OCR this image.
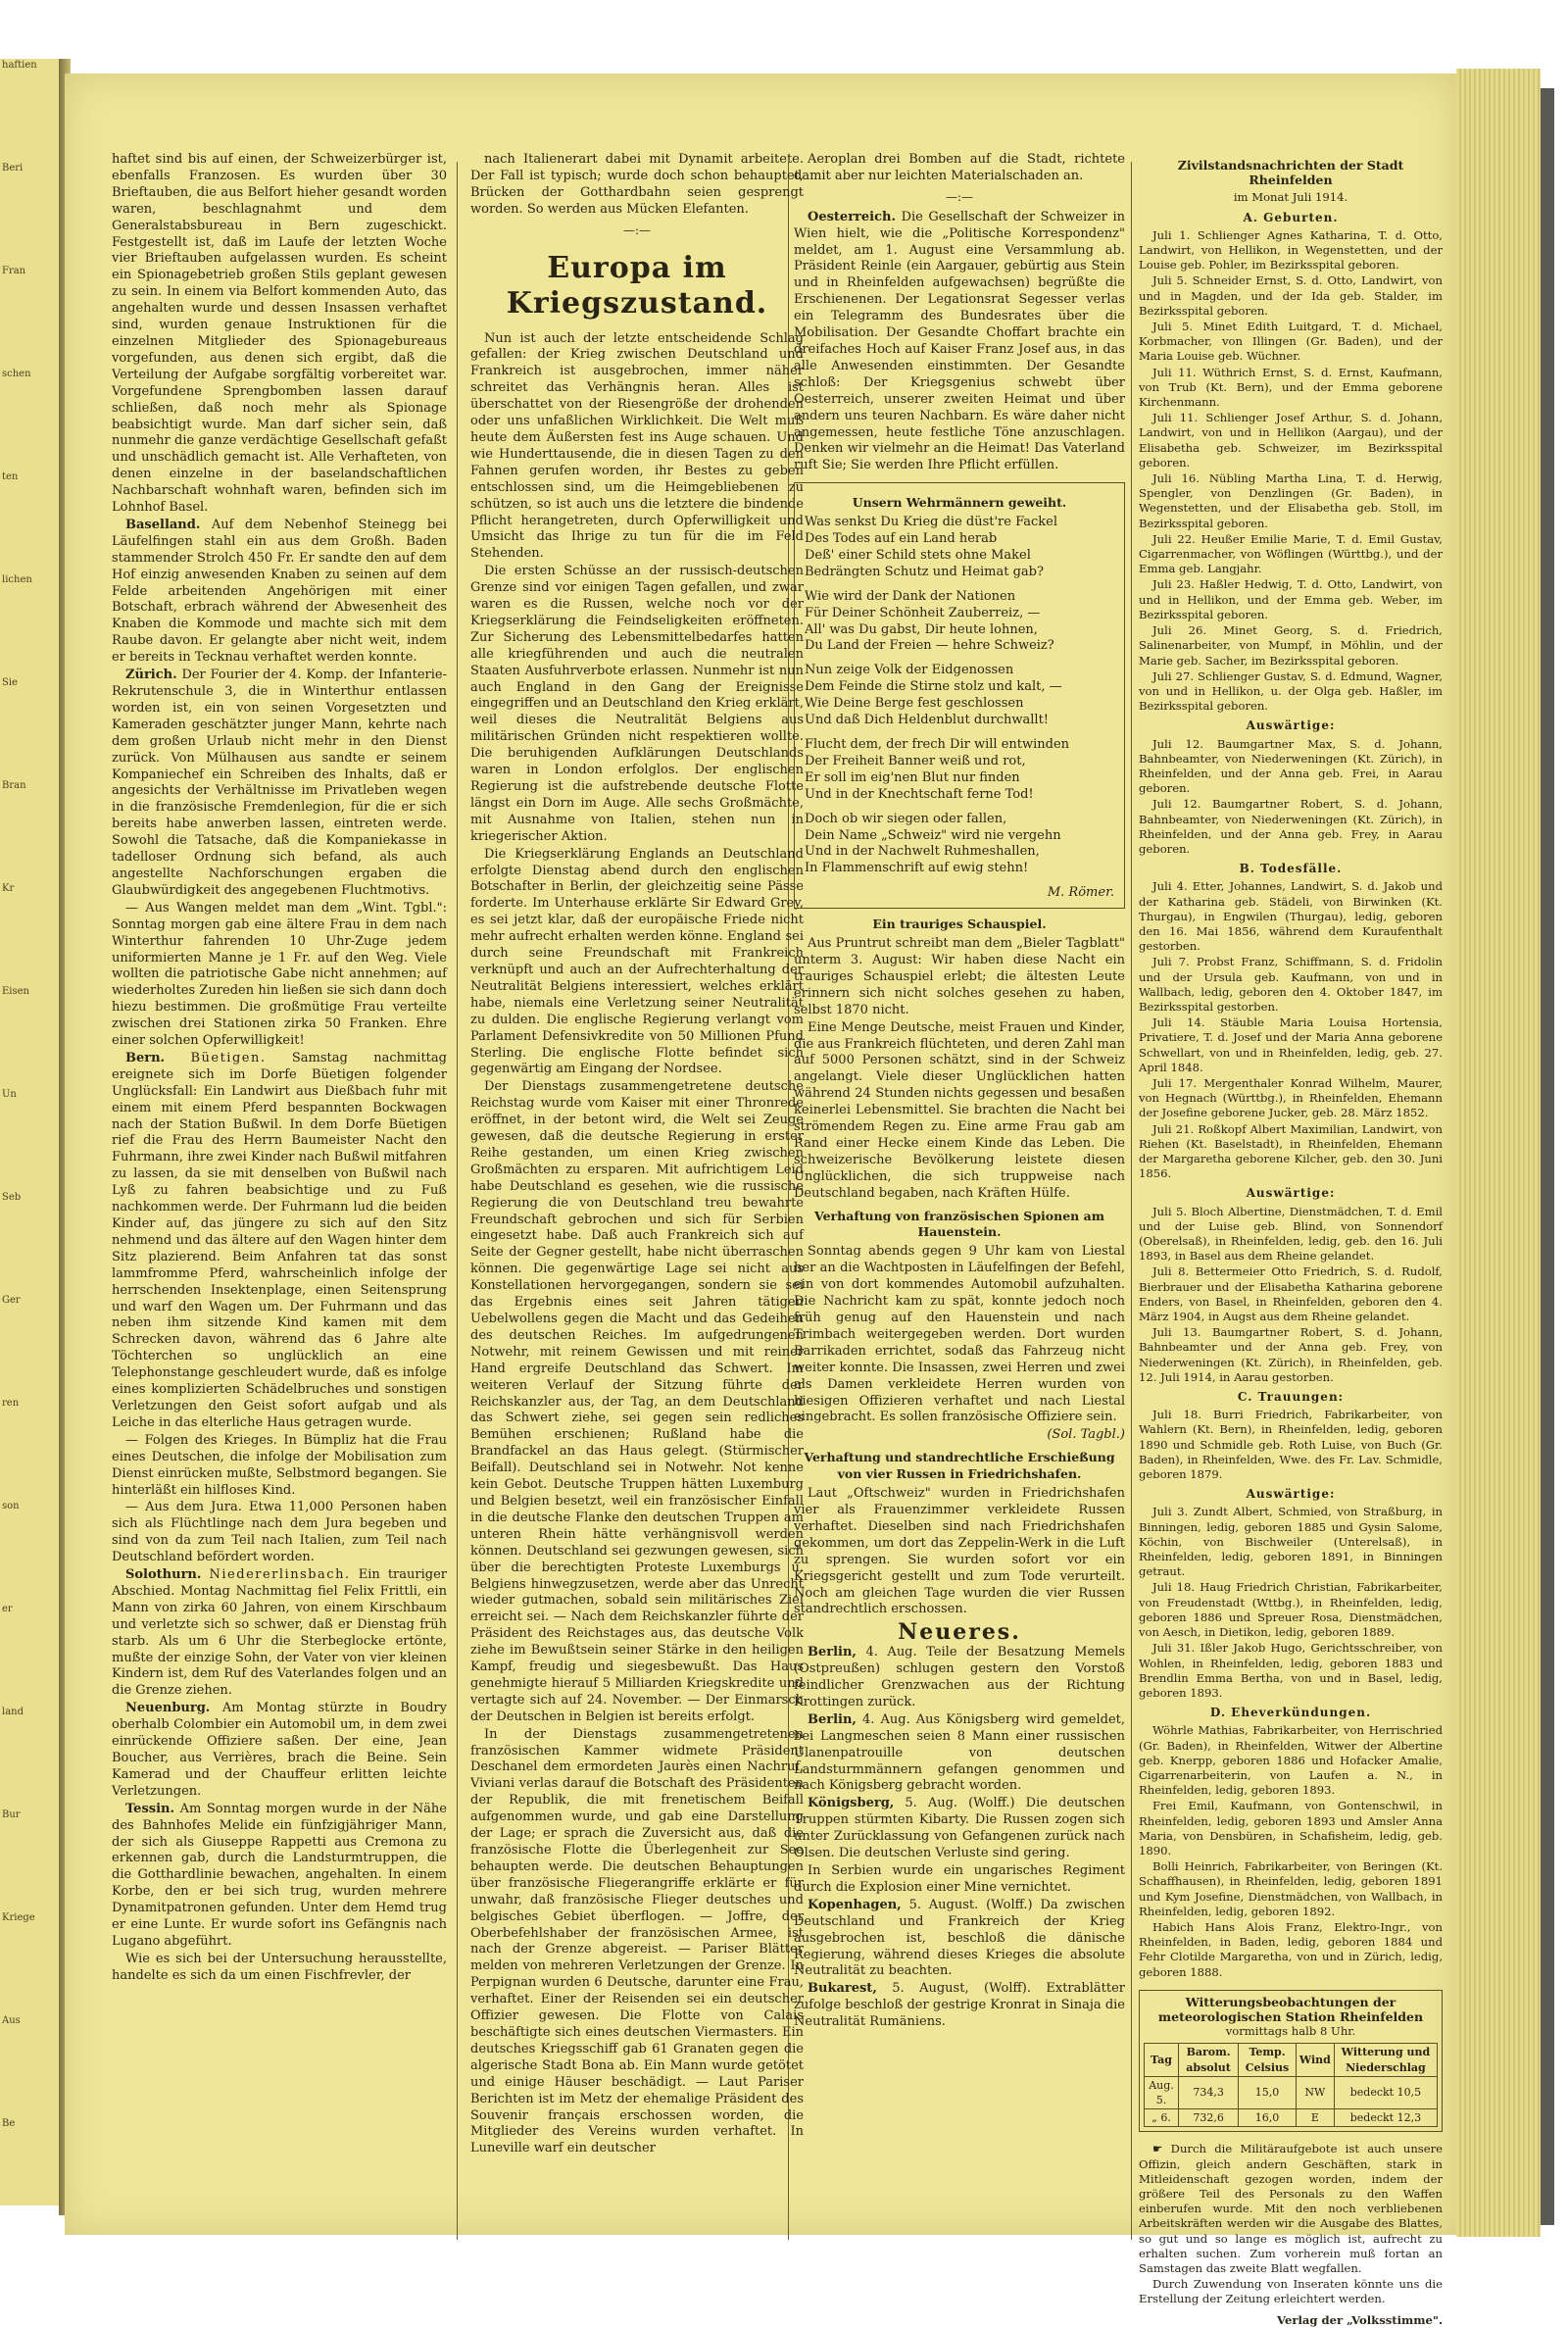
haftien
Beri
Fran
schen
ten
lichen
Sie
Bran
Kr
Eisen
Un
Seb
Ger
ren
son
er
land
Bur
Kriege
Aus
Be

haftet sind bis auf einen, der Schweizerbürger ist, ebenfalls Franzosen. Es wurden über 30 Brieftauben, die aus Belfort hieher gesandt worden waren, beschlagnahmt und dem Generalstabsbureau in Bern zugeschickt. Festgestellt ist, daß im Laufe der letzten Woche vier Brieftauben aufgelassen wurden. Es scheint ein Spionagebetrieb großen Stils geplant gewesen zu sein. In einem via Belfort kommenden Auto, das angehalten wurde und dessen Insassen verhaftet sind, wurden genaue Instruktionen für die einzelnen Mitglieder des Spionagebureaus vorgefunden, aus denen sich ergibt, daß die Verteilung der Aufgabe sorgfältig vorbereitet war. Vorgefundene Sprengbomben lassen darauf schließen, daß noch mehr als Spionage beabsichtigt wurde. Man darf sicher sein, daß nunmehr die ganze verdächtige Gesellschaft gefaßt und unschädlich gemacht ist. Alle Verhafteten, von denen einzelne in der baselandschaftlichen Nachbarschaft wohnhaft waren, befinden sich im Lohnhof Basel.

Baselland. Auf dem Nebenhof Steinegg bei Läufelfingen stahl ein aus dem Großh. Baden stammender Strolch 450 Fr. Er sandte den auf dem Hof einzig anwesenden Knaben zu seinen auf dem Felde arbeitenden Angehörigen mit einer Botschaft, erbrach während der Abwesenheit des Knaben die Kommode und machte sich mit dem Raube davon. Er gelangte aber nicht weit, indem er bereits in Tecknau verhaftet werden konnte.

Zürich. Der Fourier der 4. Komp. der Infanterie-Rekrutenschule 3, die in Winterthur entlassen worden ist, ein von seinen Vorgesetzten und Kameraden geschätzter junger Mann, kehrte nach dem großen Urlaub nicht mehr in den Dienst zurück. Von Mülhausen aus sandte er seinem Kompaniechef ein Schreiben des Inhalts, daß er angesichts der Verhältnisse im Privatleben wegen in die französische Fremdenlegion, für die er sich bereits habe anwerben lassen, eintreten werde. Sowohl die Tatsache, daß die Kompaniekasse in tadelloser Ordnung sich befand, als auch angestellte Nachforschungen ergaben die Glaubwürdigkeit des angegebenen Fluchtmotivs.

— Aus Wangen meldet man dem „Wint. Tgbl.": Sonntag morgen gab eine ältere Frau in dem nach Winterthur fahrenden 10 Uhr-Zuge jedem uniformierten Manne je 1 Fr. auf den Weg. Viele wollten die patriotische Gabe nicht annehmen; auf wiederholtes Zureden hin ließen sie sich dann doch hiezu bestimmen. Die großmütige Frau verteilte zwischen drei Stationen zirka 50 Franken. Ehre einer solchen Opferwilligkeit!

Bern. Büetigen. Samstag nachmittag ereignete sich im Dorfe Büetigen folgender Unglücksfall: Ein Landwirt aus Dießbach fuhr mit einem mit einem Pferd bespannten Bockwagen nach der Station Bußwil. In dem Dorfe Büetigen rief die Frau des Herrn Baumeister Nacht den Fuhrmann, ihre zwei Kinder nach Bußwil mitfahren zu lassen, da sie mit denselben von Bußwil nach Lyß zu fahren beabsichtige und zu Fuß nachkommen werde. Der Fuhrmann lud die beiden Kinder auf, das jüngere zu sich auf den Sitz nehmend und das ältere auf den Wagen hinter dem Sitz plazierend. Beim Anfahren tat das sonst lammfromme Pferd, wahrscheinlich infolge der herrschenden Insektenplage, einen Seitensprung und warf den Wagen um. Der Fuhrmann und das neben ihm sitzende Kind kamen mit dem Schrecken davon, während das 6 Jahre alte Töchterchen so unglücklich an eine Telephonstange geschleudert wurde, daß es infolge eines komplizierten Schädelbruches und sonstigen Verletzungen den Geist sofort aufgab und als Leiche in das elterliche Haus getragen wurde.

— Folgen des Krieges. In Bümpliz hat die Frau eines Deutschen, die infolge der Mobilisation zum Dienst einrücken mußte, Selbstmord begangen. Sie hinterläßt ein hilfloses Kind.

— Aus dem Jura. Etwa 11,000 Personen haben sich als Flüchtlinge nach dem Jura begeben und sind von da zum Teil nach Italien, zum Teil nach Deutschland befördert worden.

Solothurn. Niedererlinsbach. Ein trauriger Abschied. Montag Nachmittag fiel Felix Frittli, ein Mann von zirka 60 Jahren, von einem Kirschbaum und verletzte sich so schwer, daß er Dienstag früh starb. Als um 6 Uhr die Sterbeglocke ertönte, mußte der einzige Sohn, der Vater von vier kleinen Kindern ist, dem Ruf des Vaterlandes folgen und an die Grenze ziehen.

Neuenburg. Am Montag stürzte in Boudry oberhalb Colombier ein Automobil um, in dem zwei einrückende Offiziere saßen. Der eine, Jean Boucher, aus Verrières, brach die Beine. Sein Kamerad und der Chauffeur erlitten leichte Verletzungen.

Tessin. Am Sonntag morgen wurde in der Nähe des Bahnhofes Melide ein fünfzigjähriger Mann, der sich als Giuseppe Rappetti aus Cremona zu erkennen gab, durch die Landsturmtruppen, die die Gotthardlinie bewachen, angehalten. In einem Korbe, den er bei sich trug, wurden mehrere Dynamitpatronen gefunden. Unter dem Hemd trug er eine Lunte. Er wurde sofort ins Gefängnis nach Lugano abgeführt.

Wie es sich bei der Untersuchung herausstellte, handelte es sich da um einen Fischfrevler, der

nach Italienerart dabei mit Dynamit arbeitete. Der Fall ist typisch; wurde doch schon behauptet, Brücken der Gotthardbahn seien gesprengt worden. So werden aus Mücken Elefanten.

—:—
Europa im Kriegszustand.

Nun ist auch der letzte entscheidende Schlag gefallen: der Krieg zwischen Deutschland und Frankreich ist ausgebrochen, immer näher schreitet das Verhängnis heran. Alles ist überschattet von der Riesengröße der drohenden oder uns unfaßlichen Wirklichkeit. Die Welt muß heute dem Äußersten fest ins Auge schauen. Und wie Hunderttausende, die in diesen Tagen zu den Fahnen gerufen worden, ihr Bestes zu geben entschlossen sind, um die Heimgebliebenen zu schützen, so ist auch uns die letztere die bindende Pflicht herangetreten, durch Opferwilligkeit und Umsicht das Ihrige zu tun für die im Feld Stehenden.

Die ersten Schüsse an der russisch-deutschen Grenze sind vor einigen Tagen gefallen, und zwar waren es die Russen, welche noch vor der Kriegserklärung die Feindseligkeiten eröffneten. Zur Sicherung des Lebensmittelbedarfes hatten alle kriegführenden und auch die neutralen Staaten Ausfuhrverbote erlassen. Nunmehr ist nun auch England in den Gang der Ereignisse eingegriffen und an Deutschland den Krieg erklärt, weil dieses die Neutralität Belgiens aus militärischen Gründen nicht respektieren wollte. Die beruhigenden Aufklärungen Deutschlands waren in London erfolglos. Der englischen Regierung ist die aufstrebende deutsche Flotte längst ein Dorn im Auge. Alle sechs Großmächte, mit Ausnahme von Italien, stehen nun in kriegerischer Aktion.

Die Kriegserklärung Englands an Deutschland erfolgte Dienstag abend durch den englischen Botschafter in Berlin, der gleichzeitig seine Pässe forderte. Im Unterhause erklärte Sir Edward Grey, es sei jetzt klar, daß der europäische Friede nicht mehr aufrecht erhalten werden könne. England sei durch seine Freundschaft mit Frankreich verknüpft und auch an der Aufrechterhaltung der Neutralität Belgiens interessiert, welches erklärt habe, niemals eine Verletzung seiner Neutralität zu dulden. Die englische Regierung verlangt vom Parlament Defensivkredite von 50 Millionen Pfund Sterling. Die englische Flotte befindet sich gegenwärtig am Eingang der Nordsee.

Der Dienstags zusammengetretene deutsche Reichstag wurde vom Kaiser mit einer Thronrede eröffnet, in der betont wird, die Welt sei Zeuge gewesen, daß die deutsche Regierung in erster Reihe gestanden, um einen Krieg zwischen Großmächten zu ersparen. Mit aufrichtigem Leid habe Deutschland es gesehen, wie die russische Regierung die von Deutschland treu bewahrte Freundschaft gebrochen und sich für Serbien eingesetzt habe. Daß auch Frankreich sich auf Seite der Gegner gestellt, habe nicht überraschen können. Die gegenwärtige Lage sei nicht aus Konstellationen hervorgegangen, sondern sie sei das Ergebnis eines seit Jahren tätigen Uebelwollens gegen die Macht und das Gedeihen des deutschen Reiches. Im aufgedrungenen Notwehr, mit reinem Gewissen und mit reiner Hand ergreife Deutschland das Schwert. Im weiteren Verlauf der Sitzung führte der Reichskanzler aus, der Tag, an dem Deutschland das Schwert ziehe, sei gegen sein redliches Bemühen erschienen; Rußland habe die Brandfackel an das Haus gelegt. (Stürmischer Beifall). Deutschland sei in Notwehr. Not kenne kein Gebot. Deutsche Truppen hätten Luxemburg und Belgien besetzt, weil ein französischer Einfall in die deutsche Flanke den deutschen Truppen am unteren Rhein hätte verhängnisvoll werden können. Deutschland sei gezwungen gewesen, sich über die berechtigten Proteste Luxemburgs u. Belgiens hinwegzusetzen, werde aber das Unrecht wieder gutmachen, sobald sein militärisches Ziel erreicht sei. — Nach dem Reichskanzler führte der Präsident des Reichstages aus, das deutsche Volk ziehe im Bewußtsein seiner Stärke in den heiligen Kampf, freudig und siegesbewußt. Das Haus genehmigte hierauf 5 Milliarden Kriegskredite und vertagte sich auf 24. November. — Der Einmarsch der Deutschen in Belgien ist bereits erfolgt.

In der Dienstags zusammengetretenen französischen Kammer widmete Präsident Deschanel dem ermordeten Jaurès einen Nachruf, Viviani verlas darauf die Botschaft des Präsidenten der Republik, die mit frenetischem Beifall aufgenommen wurde, und gab eine Darstellung der Lage; er sprach die Zuversicht aus, daß die französische Flotte die Überlegenheit zur See behaupten werde. Die deutschen Behauptungen über französische Fliegerangriffe erklärte er für unwahr, daß französische Flieger deutsches und belgisches Gebiet überflogen. — Joffre, der Oberbefehlshaber der französischen Armee, ist nach der Grenze abgereist. — Pariser Blätter melden von mehreren Verletzungen der Grenze. In Perpignan wurden 6 Deutsche, darunter eine Frau, verhaftet. Einer der Reisenden sei ein deutscher Offizier gewesen. Die Flotte von Calais beschäftigte sich eines deutschen Viermasters. Ein deutsches Kriegsschiff gab 61 Granaten gegen die algerische Stadt Bona ab. Ein Mann wurde getötet und einige Häuser beschädigt. — Laut Pariser Berichten ist im Metz der ehemalige Präsident des Souvenir français erschossen worden, die Mitglieder des Vereins wurden verhaftet. In Luneville warf ein deutscher

Aeroplan drei Bomben auf die Stadt, richtete damit aber nur leichten Materialschaden an.

—:—

Oesterreich. Die Gesellschaft der Schweizer in Wien hielt, wie die „Politische Korrespondenz" meldet, am 1. August eine Versammlung ab. Präsident Reinle (ein Aargauer, gebürtig aus Stein und in Rheinfelden aufgewachsen) begrüßte die Erschienenen. Der Legationsrat Segesser verlas ein Telegramm des Bundesrates über die Mobilisation. Der Gesandte Choffart brachte ein dreifaches Hoch auf Kaiser Franz Josef aus, in das alle Anwesenden einstimmten. Der Gesandte schloß: Der Kriegsgenius schwebt über Oesterreich, unserer zweiten Heimat und über andern uns teuren Nachbarn. Es wäre daher nicht angemessen, heute festliche Töne anzuschlagen. Denken wir vielmehr an die Heimat! Das Vaterland ruft Sie; Sie werden Ihre Pflicht erfüllen.

Unsern Wehrmännern geweiht.

Was senkst Du Krieg die düst're Fackel

Des Todes auf ein Land herab

Deß' einer Schild stets ohne Makel

Bedrängten Schutz und Heimat gab?

Wie wird der Dank der Nationen

Für Deiner Schönheit Zauberreiz, —

All' was Du gabst, Dir heute lohnen,

Du Land der Freien — hehre Schweiz?

Nun zeige Volk der Eidgenossen

Dem Feinde die Stirne stolz und kalt, —

Wie Deine Berge fest geschlossen

Und daß Dich Heldenblut durchwallt!

Flucht dem, der frech Dir will entwinden

Der Freiheit Banner weiß und rot,

Er soll im eig'nen Blut nur finden

Und in der Knechtschaft ferne Tod!

Doch ob wir siegen oder fallen,

Dein Name „Schweiz" wird nie vergehn

Und in der Nachwelt Ruhmeshallen,

In Flammenschrift auf ewig stehn!

M. Römer.
Ein trauriges Schauspiel.

Aus Pruntrut schreibt man dem „Bieler Tagblatt" unterm 3. August: Wir haben diese Nacht ein trauriges Schauspiel erlebt; die ältesten Leute erinnern sich nicht solches gesehen zu haben, selbst 1870 nicht.

Eine Menge Deutsche, meist Frauen und Kinder, die aus Frankreich flüchteten, und deren Zahl man auf 5000 Personen schätzt, sind in der Schweiz angelangt. Viele dieser Unglücklichen hatten während 24 Stunden nichts gegessen und besaßen keinerlei Lebensmittel. Sie brachten die Nacht bei strömendem Regen zu. Eine arme Frau gab am Rand einer Hecke einem Kinde das Leben. Die schweizerische Bevölkerung leistete diesen Unglücklichen, die sich truppweise nach Deutschland begaben, nach Kräften Hülfe.

Verhaftung von französischen Spionen am Hauenstein.

Sonntag abends gegen 9 Uhr kam von Liestal her an die Wachtposten in Läufelfingen der Befehl, ein von dort kommendes Automobil aufzuhalten. Die Nachricht kam zu spät, konnte jedoch noch früh genug auf den Hauenstein und nach Trimbach weitergegeben werden. Dort wurden Barrikaden errichtet, sodaß das Fahrzeug nicht weiter konnte. Die Insassen, zwei Herren und zwei als Damen verkleidete Herren wurden von hiesigen Offizieren verhaftet und nach Liestal eingebracht. Es sollen französische Offiziere sein.

(Sol. Tagbl.)
Verhaftung und standrechtliche Erschießung von vier Russen in Friedrichshafen.

Laut „Oftschweiz" wurden in Friedrichshafen vier als Frauenzimmer verkleidete Russen verhaftet. Dieselben sind nach Friedrichshafen gekommen, um dort das Zeppelin-Werk in die Luft zu sprengen. Sie wurden sofort vor ein Kriegsgericht gestellt und zum Tode verurteilt. Noch am gleichen Tage wurden die vier Russen standrechtlich erschossen.

Neueres.

Berlin, 4. Aug. Teile der Besatzung Memels (Ostpreußen) schlugen gestern den Vorstoß feindlicher Grenzwachen aus der Richtung Krottingen zurück.

Berlin, 4. Aug. Aus Königsberg wird gemeldet, bei Langmeschen seien 8 Mann einer russischen Ulanenpatrouille von deutschen Landsturmmännern gefangen genommen und nach Königsberg gebracht worden.

Königsberg, 5. Aug. (Wolff.) Die deutschen Truppen stürmten Kibarty. Die Russen zogen sich unter Zurücklassung von Gefangenen zurück nach Olsen. Die deutschen Verluste sind gering.

In Serbien wurde ein ungarisches Regiment durch die Explosion einer Mine vernichtet.

Kopenhagen, 5. August. (Wolff.) Da zwischen Deutschland und Frankreich der Krieg ausgebrochen ist, beschloß die dänische Regierung, während dieses Krieges die absolute Neutralität zu beachten.

Bukarest, 5. August, (Wolff). Extrablätter zufolge beschloß der gestrige Kronrat in Sinaja die Neutralität Rumäniens.

Zivilstandsnachrichten der Stadt Rheinfelden
im Monat Juli 1914.
A. Geburten.

Juli 1. Schlienger Agnes Katharina, T. d. Otto, Landwirt, von Hellikon, in Wegenstetten, und der Louise geb. Pohler, im Bezirksspital geboren.

Juli 5. Schneider Ernst, S. d. Otto, Landwirt, von und in Magden, und der Ida geb. Stalder, im Bezirksspital geboren.

Juli 5. Minet Edith Luitgard, T. d. Michael, Korbmacher, von Illingen (Gr. Baden), und der Maria Louise geb. Wüchner.

Juli 11. Wüthrich Ernst, S. d. Ernst, Kaufmann, von Trub (Kt. Bern), und der Emma geborene Kirchenmann.

Juli 11. Schlienger Josef Arthur, S. d. Johann, Landwirt, von und in Hellikon (Aargau), und der Elisabetha geb. Schweizer, im Bezirksspital geboren.

Juli 16. Nübling Martha Lina, T. d. Herwig, Spengler, von Denzlingen (Gr. Baden), in Wegenstetten, und der Elisabetha geb. Stoll, im Bezirksspital geboren.

Juli 22. Heußer Emilie Marie, T. d. Emil Gustav, Cigarrenmacher, von Wöflingen (Württbg.), und der Emma geb. Langjahr.

Juli 23. Haßler Hedwig, T. d. Otto, Landwirt, von und in Hellikon, und der Emma geb. Weber, im Bezirksspital geboren.

Juli 26. Minet Georg, S. d. Friedrich, Salinenarbeiter, von Mumpf, in Möhlin, und der Marie geb. Sacher, im Bezirksspital geboren.

Juli 27. Schlienger Gustav, S. d. Edmund, Wagner, von und in Hellikon, u. der Olga geb. Haßler, im Bezirksspital geboren.

Auswärtige:

Juli 12. Baumgartner Max, S. d. Johann, Bahnbeamter, von Niederweningen (Kt. Zürich), in Rheinfelden, und der Anna geb. Frei, in Aarau geboren.

Juli 12. Baumgartner Robert, S. d. Johann, Bahnbeamter, von Niederweningen (Kt. Zürich), in Rheinfelden, und der Anna geb. Frey, in Aarau geboren.

B. Todesfälle.

Juli 4. Etter, Johannes, Landwirt, S. d. Jakob und der Katharina geb. Städeli, von Birwinken (Kt. Thurgau), in Engwilen (Thurgau), ledig, geboren den 16. Mai 1856, während dem Kuraufenthalt gestorben.

Juli 7. Probst Franz, Schiffmann, S. d. Fridolin und der Ursula geb. Kaufmann, von und in Wallbach, ledig, geboren den 4. Oktober 1847, im Bezirksspital gestorben.

Juli 14. Stäuble Maria Louisa Hortensia, Privatiere, T. d. Josef und der Maria Anna geborene Schwellart, von und in Rheinfelden, ledig, geb. 27. April 1848.

Juli 17. Mergenthaler Konrad Wilhelm, Maurer, von Hegnach (Württbg.), in Rheinfelden, Ehemann der Josefine geborene Jucker, geb. 28. März 1852.

Juli 21. Roßkopf Albert Maximilian, Landwirt, von Riehen (Kt. Baselstadt), in Rheinfelden, Ehemann der Margaretha geborene Kilcher, geb. den 30. Juni 1856.

Auswärtige:

Juli 5. Bloch Albertine, Dienstmädchen, T. d. Emil und der Luise geb. Blind, von Sonnendorf (Oberelsaß), in Rheinfelden, ledig, geb. den 16. Juli 1893, in Basel aus dem Rheine gelandet.

Juli 8. Bettermeier Otto Friedrich, S. d. Rudolf, Bierbrauer und der Elisabetha Katharina geborene Enders, von Basel, in Rheinfelden, geboren den 4. März 1904, in Augst aus dem Rheine gelandet.

Juli 13. Baumgartner Robert, S. d. Johann, Bahnbeamter und der Anna geb. Frey, von Niederweningen (Kt. Zürich), in Rheinfelden, geb. 12. Juli 1914, in Aarau gestorben.

C. Trauungen:

Juli 18. Burri Friedrich, Fabrikarbeiter, von Wahlern (Kt. Bern), in Rheinfelden, ledig, geboren 1890 und Schmidle geb. Roth Luise, von Buch (Gr. Baden), in Rheinfelden, Wwe. des Fr. Lav. Schmidle, geboren 1879.

Auswärtige:

Juli 3. Zundt Albert, Schmied, von Straßburg, in Binningen, ledig, geboren 1885 und Gysin Salome, Köchin, von Bischweiler (Unterelsaß), in Rheinfelden, ledig, geboren 1891, in Binningen getraut.

Juli 18. Haug Friedrich Christian, Fabrikarbeiter, von Freudenstadt (Wttbg.), in Rheinfelden, ledig, geboren 1886 und Spreuer Rosa, Dienstmädchen, von Aesch, in Dietikon, ledig, geboren 1889.

Juli 31. Ißler Jakob Hugo, Gerichtsschreiber, von Wohlen, in Rheinfelden, ledig, geboren 1883 und Brendlin Emma Bertha, von und in Basel, ledig, geboren 1893.

D. Eheverkündungen.

Wöhrle Mathias, Fabrikarbeiter, von Herrischried (Gr. Baden), in Rheinfelden, Witwer der Albertine geb. Knerpp, geboren 1886 und Hofacker Amalie, Cigarrenarbeiterin, von Laufen a. N., in Rheinfelden, ledig, geboren 1893.

Frei Emil, Kaufmann, von Gontenschwil, in Rheinfelden, ledig, geboren 1893 und Amsler Anna Maria, von Densbüren, in Schafisheim, ledig, geb. 1890.

Bolli Heinrich, Fabrikarbeiter, von Beringen (Kt. Schaffhausen), in Rheinfelden, ledig, geboren 1891 und Kym Josefine, Dienstmädchen, von Wallbach, in Rheinfelden, ledig, geboren 1892.

Habich Hans Alois Franz, Elektro-Ingr., von Rheinfelden, in Baden, ledig, geboren 1884 und Fehr Clotilde Margaretha, von und in Zürich, ledig, geboren 1888.

Witterungsbeobachtungen der meteorologischen Station Rheinfelden
vormittags halb 8 Uhr.
Tag	Barom. absolut	Temp. Celsius	Wind	Witterung und Niederschlag
Aug. 5.	734,3	15,0	NW	bedeckt 10,5
„ 6.	732,6	16,0	E	bedeckt 12,3

☛ Durch die Militäraufgebote ist auch unsere Offizin, gleich andern Geschäften, stark in Mitleidenschaft gezogen worden, indem der größere Teil des Personals zu den Waffen einberufen wurde. Mit den noch verbliebenen Arbeitskräften werden wir die Ausgabe des Blattes, so gut und so lange es möglich ist, aufrecht zu erhalten suchen. Zum vorherein muß fortan an Samstagen das zweite Blatt wegfallen.

Durch Zuwendung von Inseraten könnte uns die Erstellung der Zeitung erleichtert werden.

Verlag der „Volksstimme".
